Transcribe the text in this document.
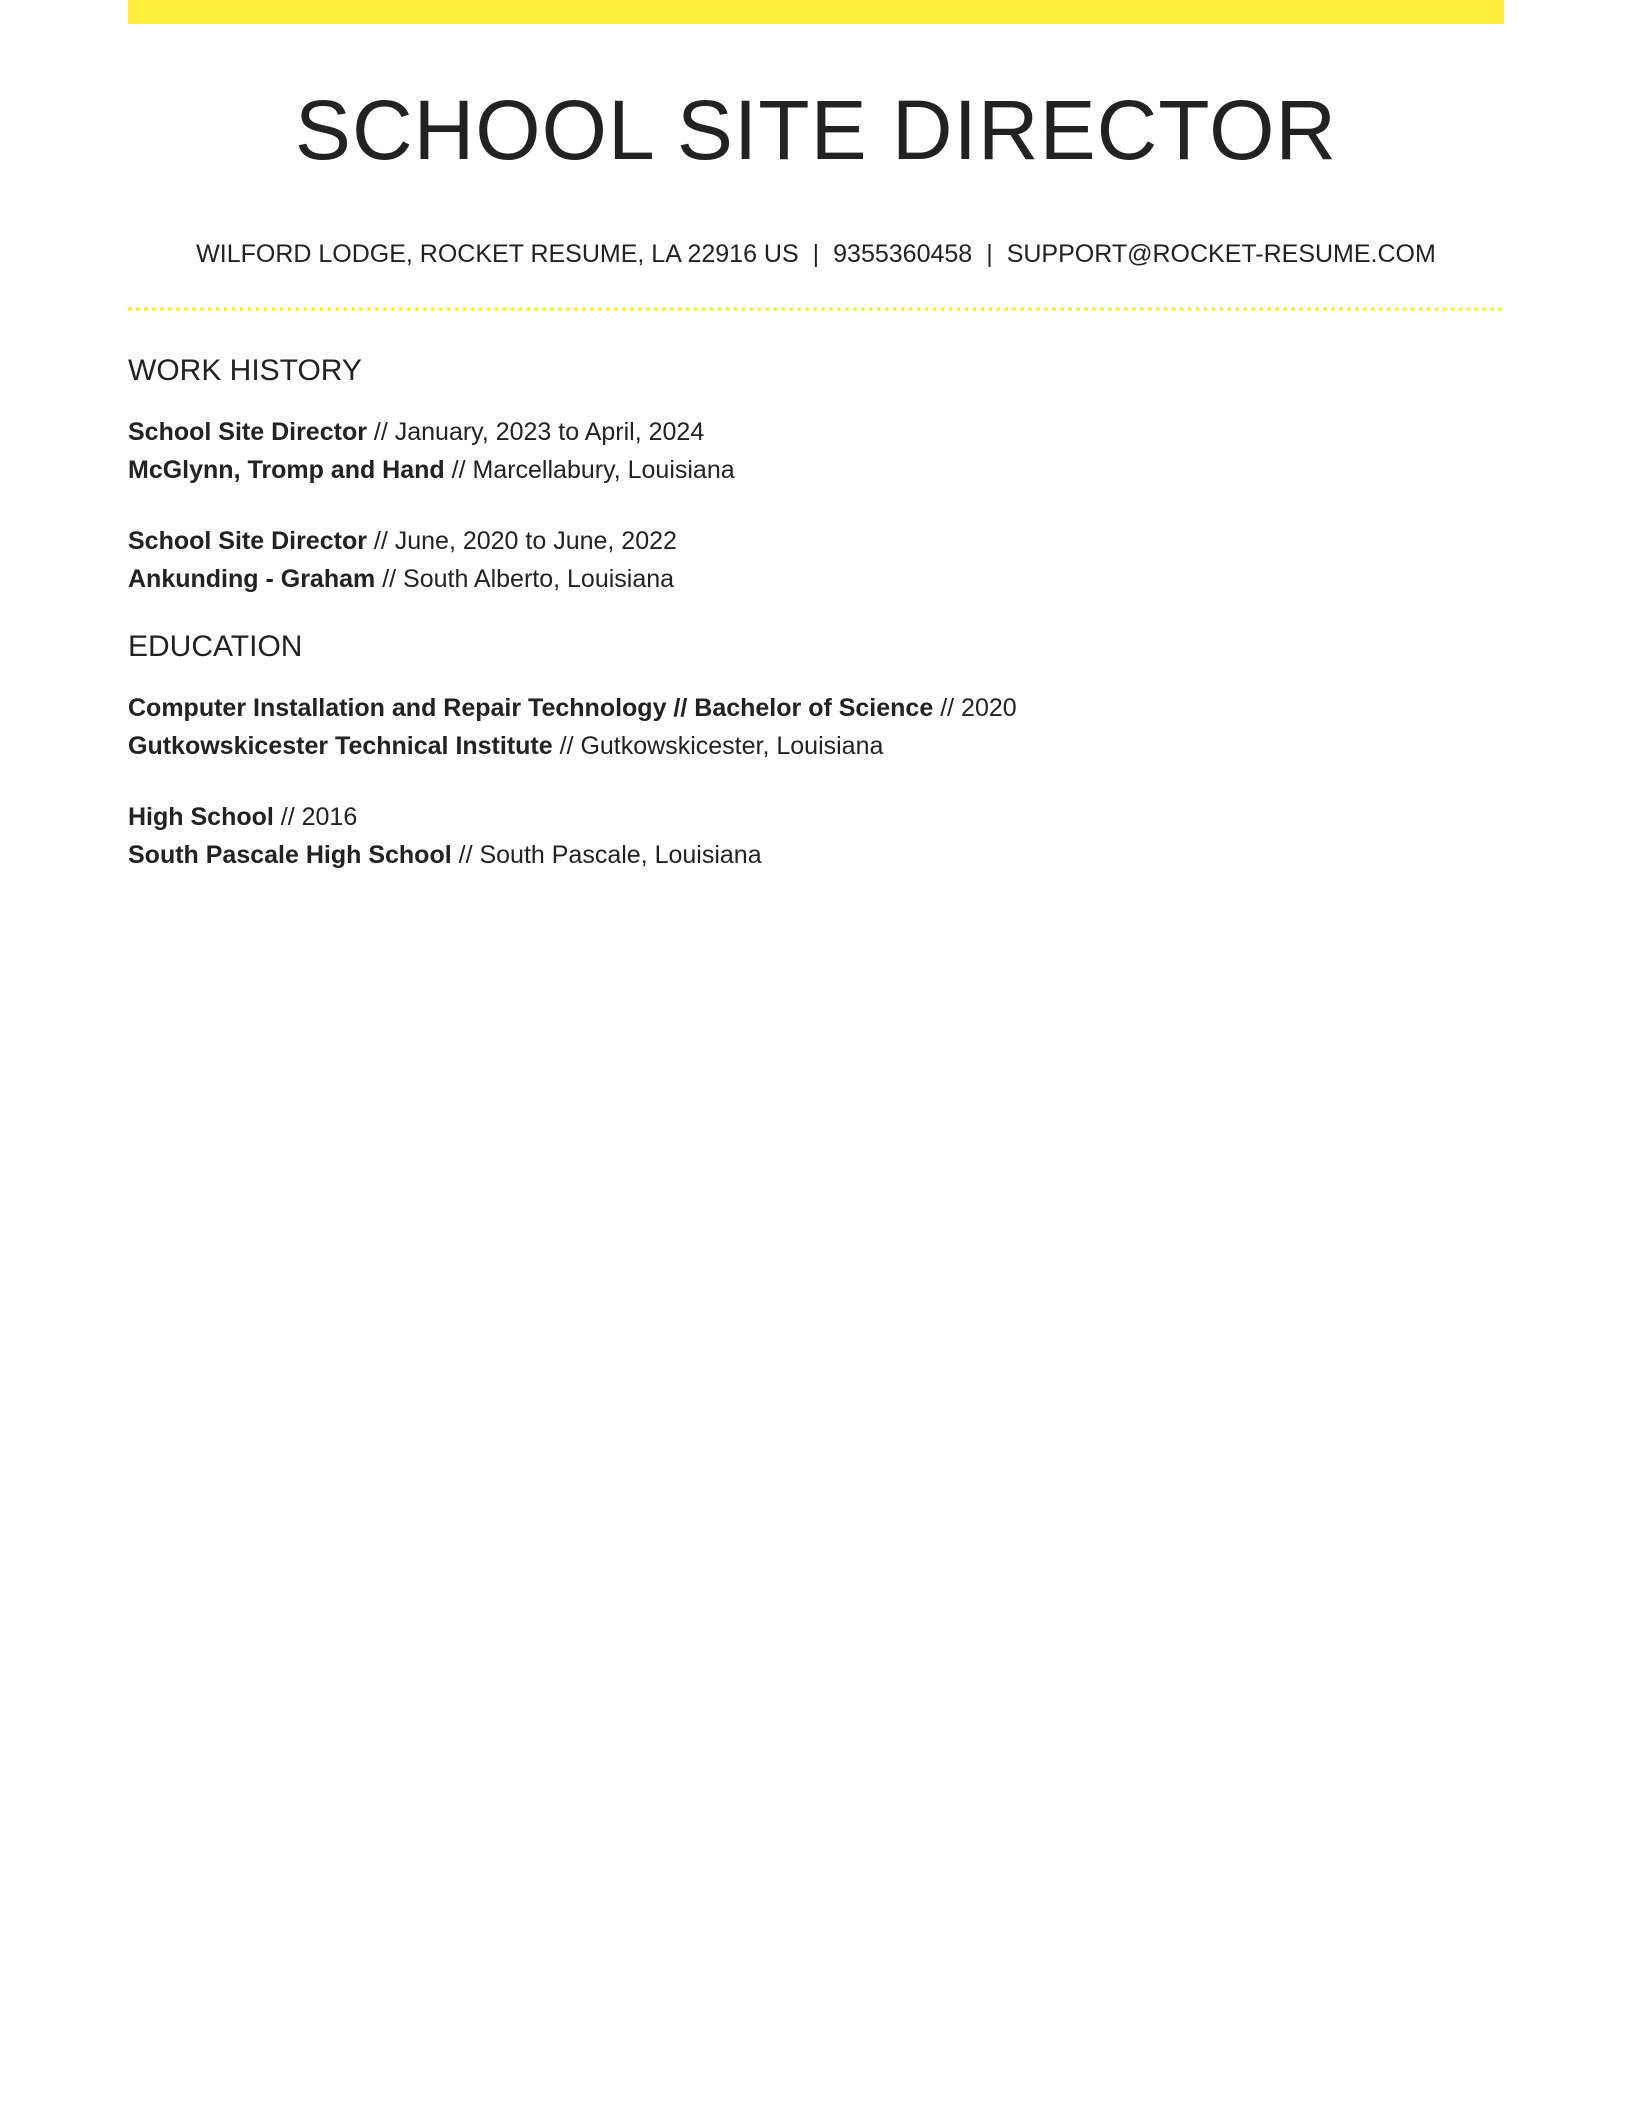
SCHOOL SITE DIRECTOR
WILFORD LODGE, ROCKET RESUME, LA 22916 US | 9355360458 | SUPPORT@ROCKET-RESUME.COM
WORK HISTORY
School Site Director // January, 2023 to April, 2024
McGlynn, Tromp and Hand // Marcellabury, Louisiana
School Site Director // June, 2020 to June, 2022
Ankunding - Graham // South Alberto, Louisiana
EDUCATION
Computer Installation and Repair Technology // Bachelor of Science // 2020
Gutkowskicester Technical Institute // Gutkowskicester, Louisiana
High School // 2016
South Pascale High School // South Pascale, Louisiana
